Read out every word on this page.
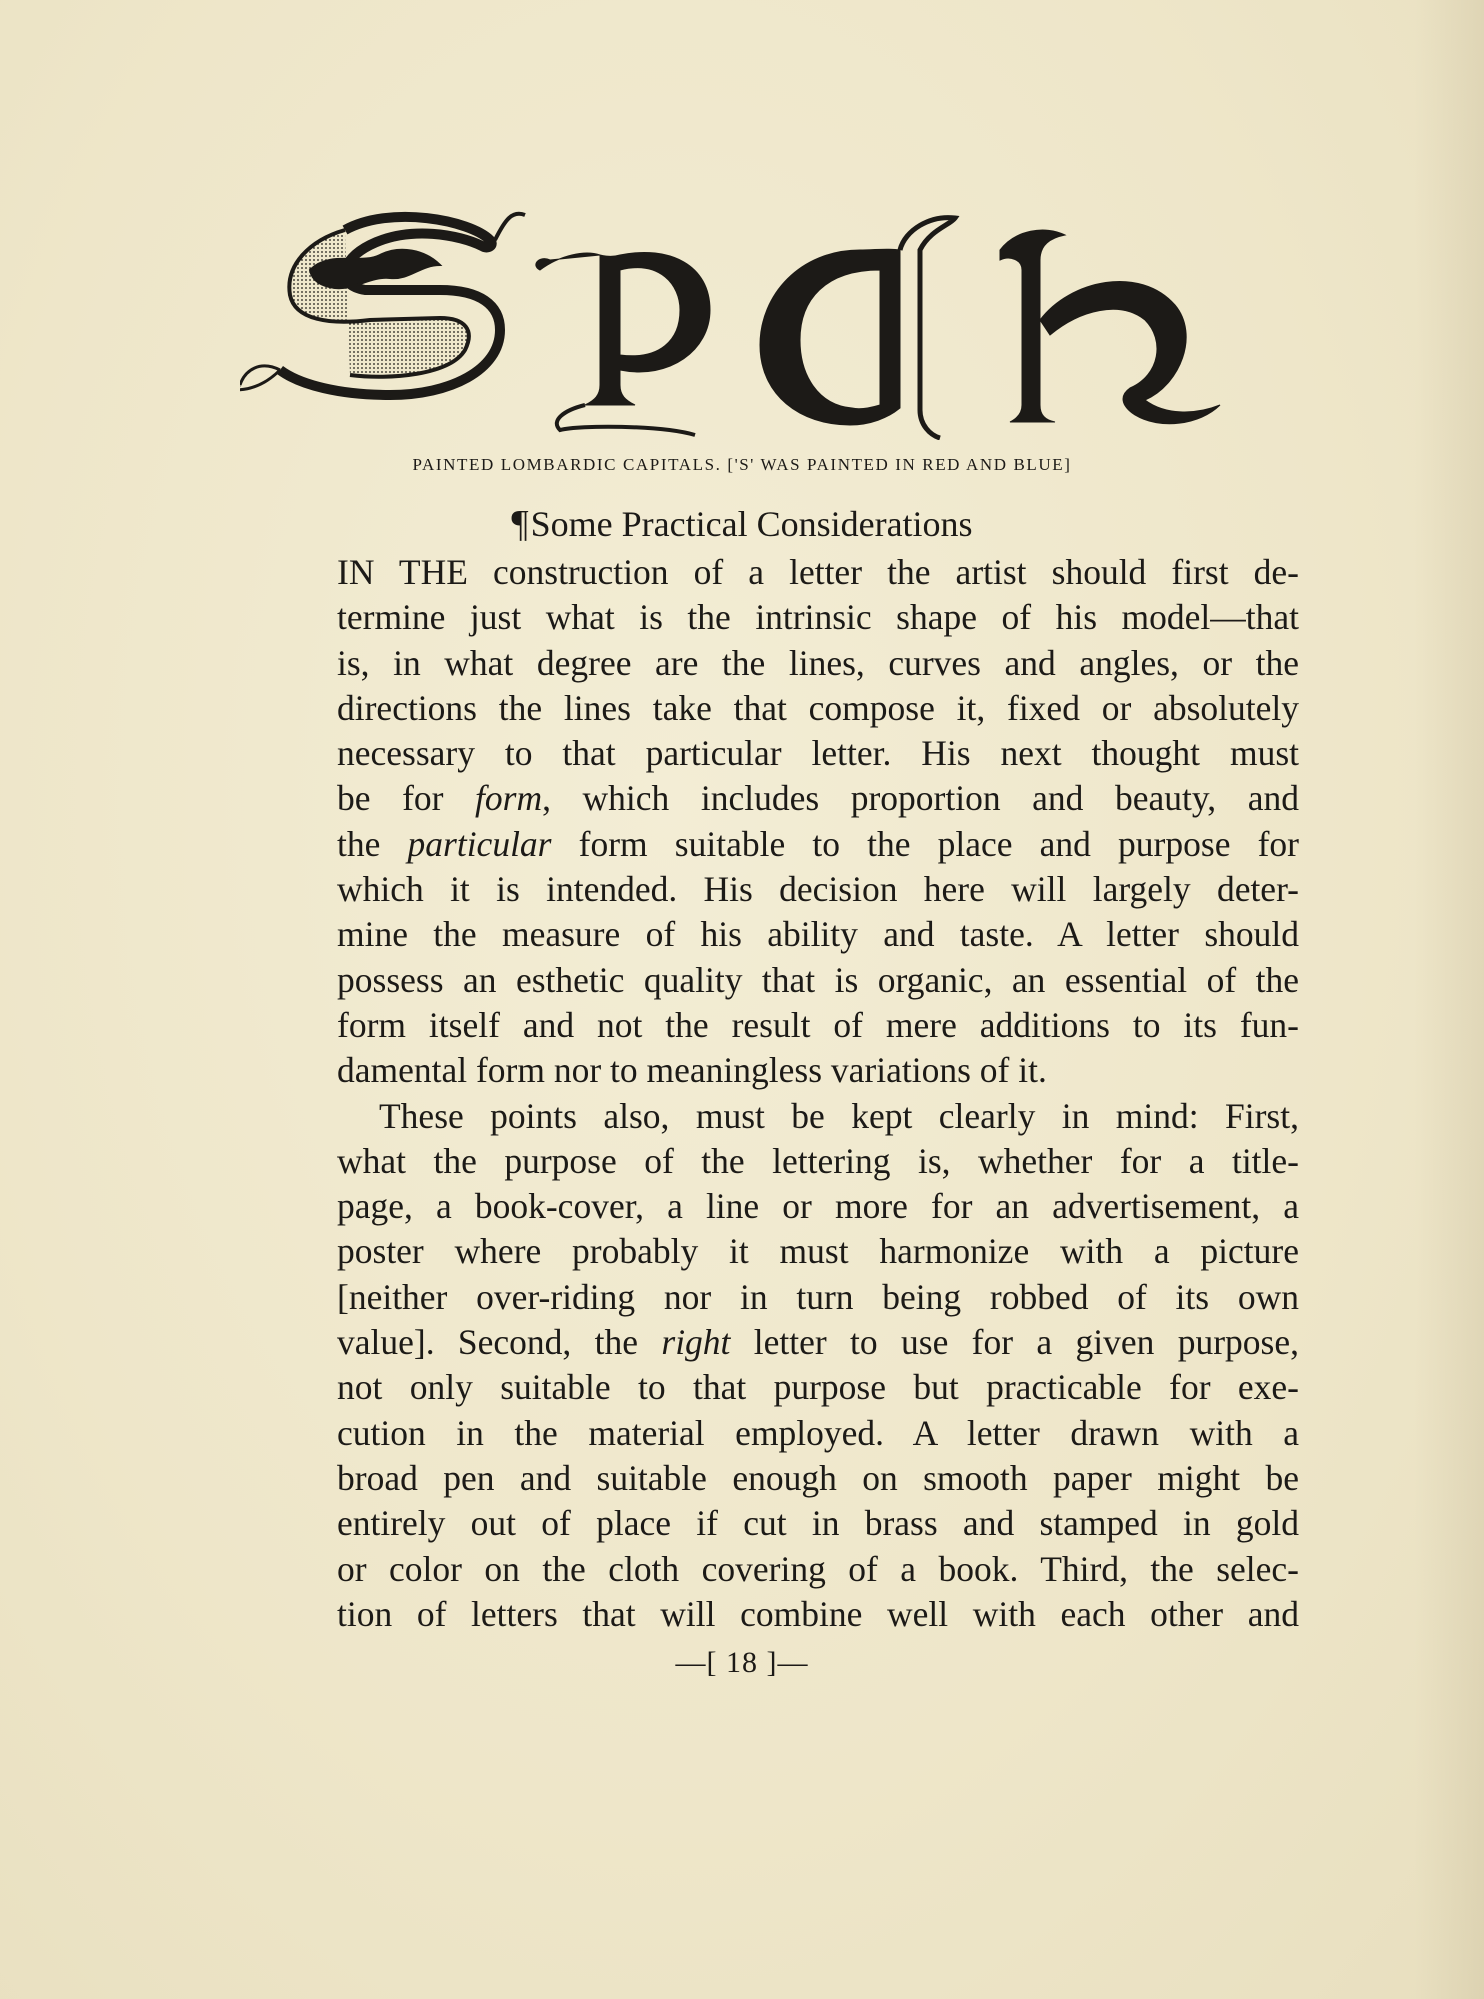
PAINTED LOMBARDIC CAPITALS. ['S' WAS PAINTED IN RED AND BLUE]
¶Some Practical Considerations
IN THE construction of a letter the artist should first de-
termine just what is the intrinsic shape of his model—that
is, in what degree are the lines, curves and angles, or the
directions the lines take that compose it, fixed or absolutely
necessary to that particular letter. His next thought must
be for form, which includes proportion and beauty, and
the particular form suitable to the place and purpose for
which it is intended. His decision here will largely deter-
mine the measure of his ability and taste. A letter should
possess an esthetic quality that is organic, an essential of the
form itself and not the result of mere additions to its fun-
damental form nor to meaningless variations of it.
These points also, must be kept clearly in mind: First,
what the purpose of the lettering is, whether for a title-
page, a book-cover, a line or more for an advertisement, a
poster where probably it must harmonize with a picture
[neither over-riding nor in turn being robbed of its own
value]. Second, the right letter to use for a given purpose,
not only suitable to that purpose but practicable for exe-
cution in the material employed. A letter drawn with a
broad pen and suitable enough on smooth paper might be
entirely out of place if cut in brass and stamped in gold
or color on the cloth covering of a book. Third, the selec-
tion of letters that will combine well with each other and
—[ 18 ]—
